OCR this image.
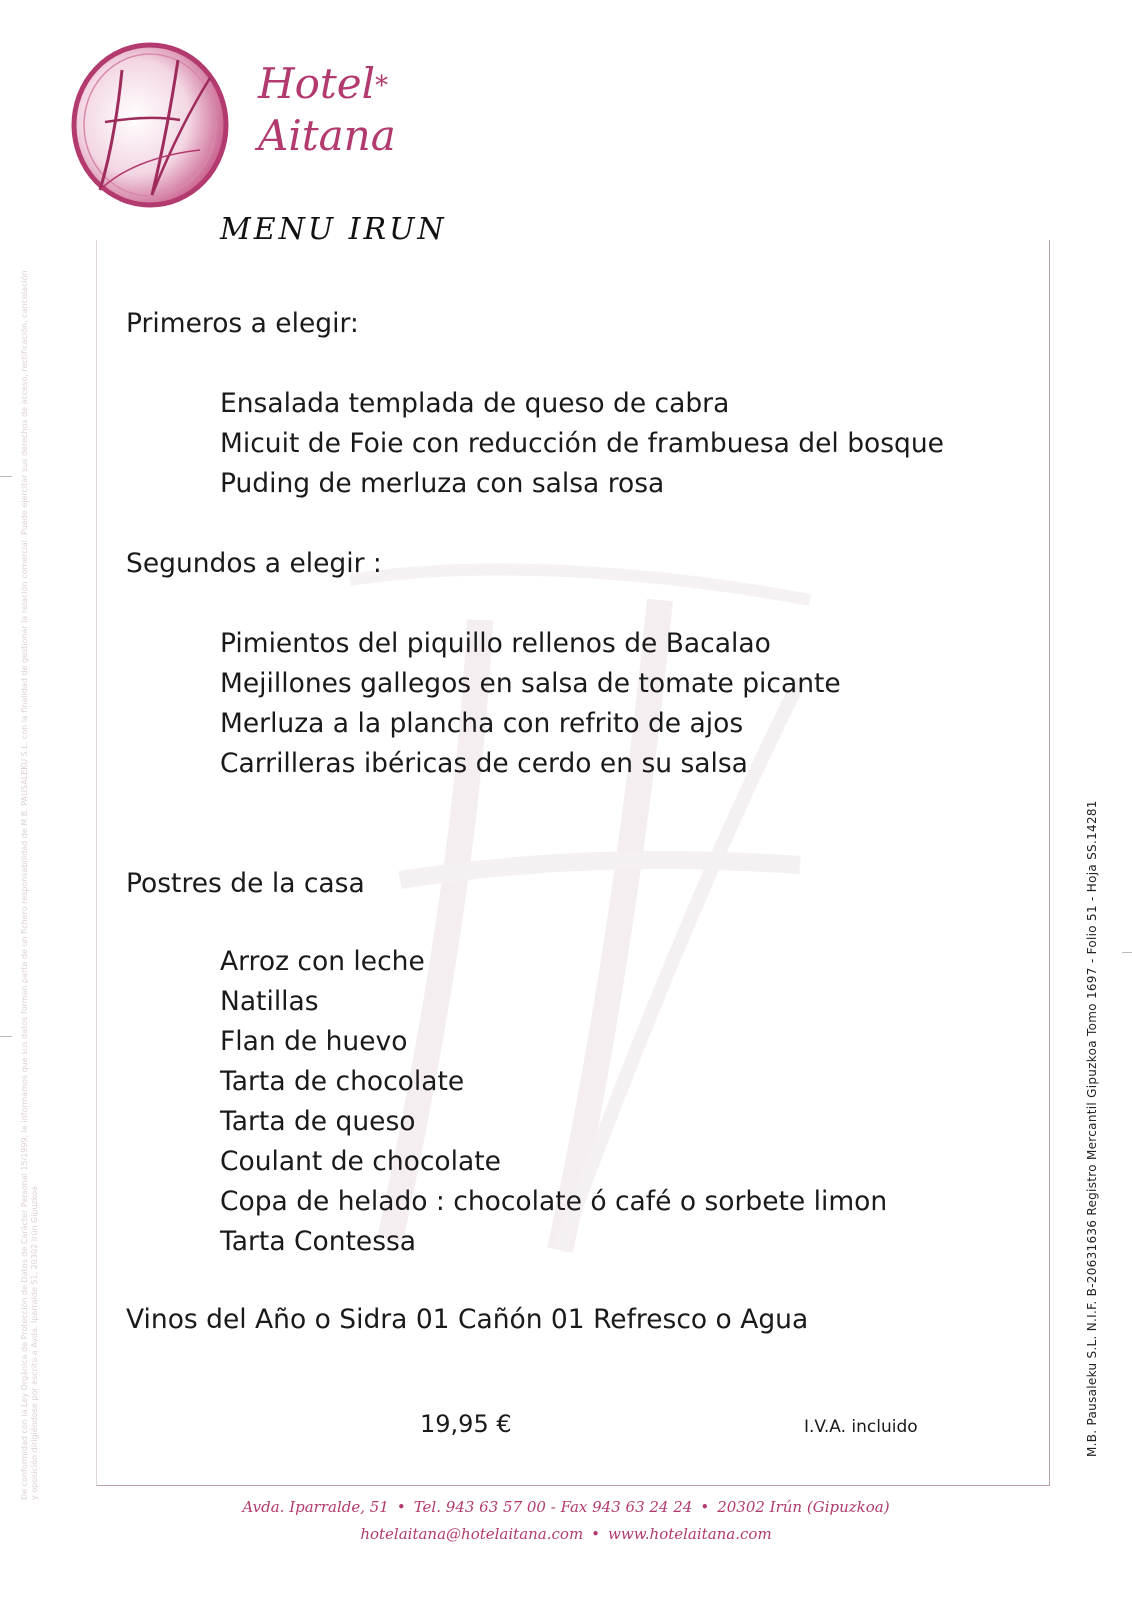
Hotel*
Aitana
MENU IRUN
De conformidad con la Ley Orgánica de Protección de Datos de Carácter Personal 15/1999, le informamos que sus datos forman parte de un fichero responsabilidad de M.B. PAUSALEKU S.L. con la finalidad de gestionar la relación comercial. Puede ejercitar sus derechos de acceso, rectificación, cancelación y oposición dirigiéndose por escrito a Avda. Iparralde 51, 20302 Irún Gipuzkoa	M.B. Pausaleku S.L. N.I.F. B-20631636 Registro Mercantil Gipuzkoa Tomo 1697 - Folio 51 - Hoja SS.14281
Primeros a elegir:
Ensalada templada de queso de cabra
Micuit de Foie con reducción de frambuesa del bosque
Puding de merluza con salsa rosa
Segundos a elegir :
Pimientos del piquillo rellenos de Bacalao
Mejillones gallegos en salsa de tomate picante
Merluza a la plancha con refrito de ajos
Carrilleras ibéricas de cerdo en su salsa
Postres de la casa
Arroz con leche
Natillas
Flan de huevo
Tarta de chocolate
Tarta de queso
Coulant de chocolate
Copa de helado : chocolate ó café o sorbete limon
Tarta Contessa
Vinos del Año o Sidra 01 Cañón 01 Refresco o Agua
19,95 €	I.V.A. incluido
Avda. Iparralde, 51 • Tel. 943 63 57 00 - Fax 943 63 24 24 • 20302 Irún (Gipuzkoa)
hotelaitana@hotelaitana.com • www.hotelaitana.com
